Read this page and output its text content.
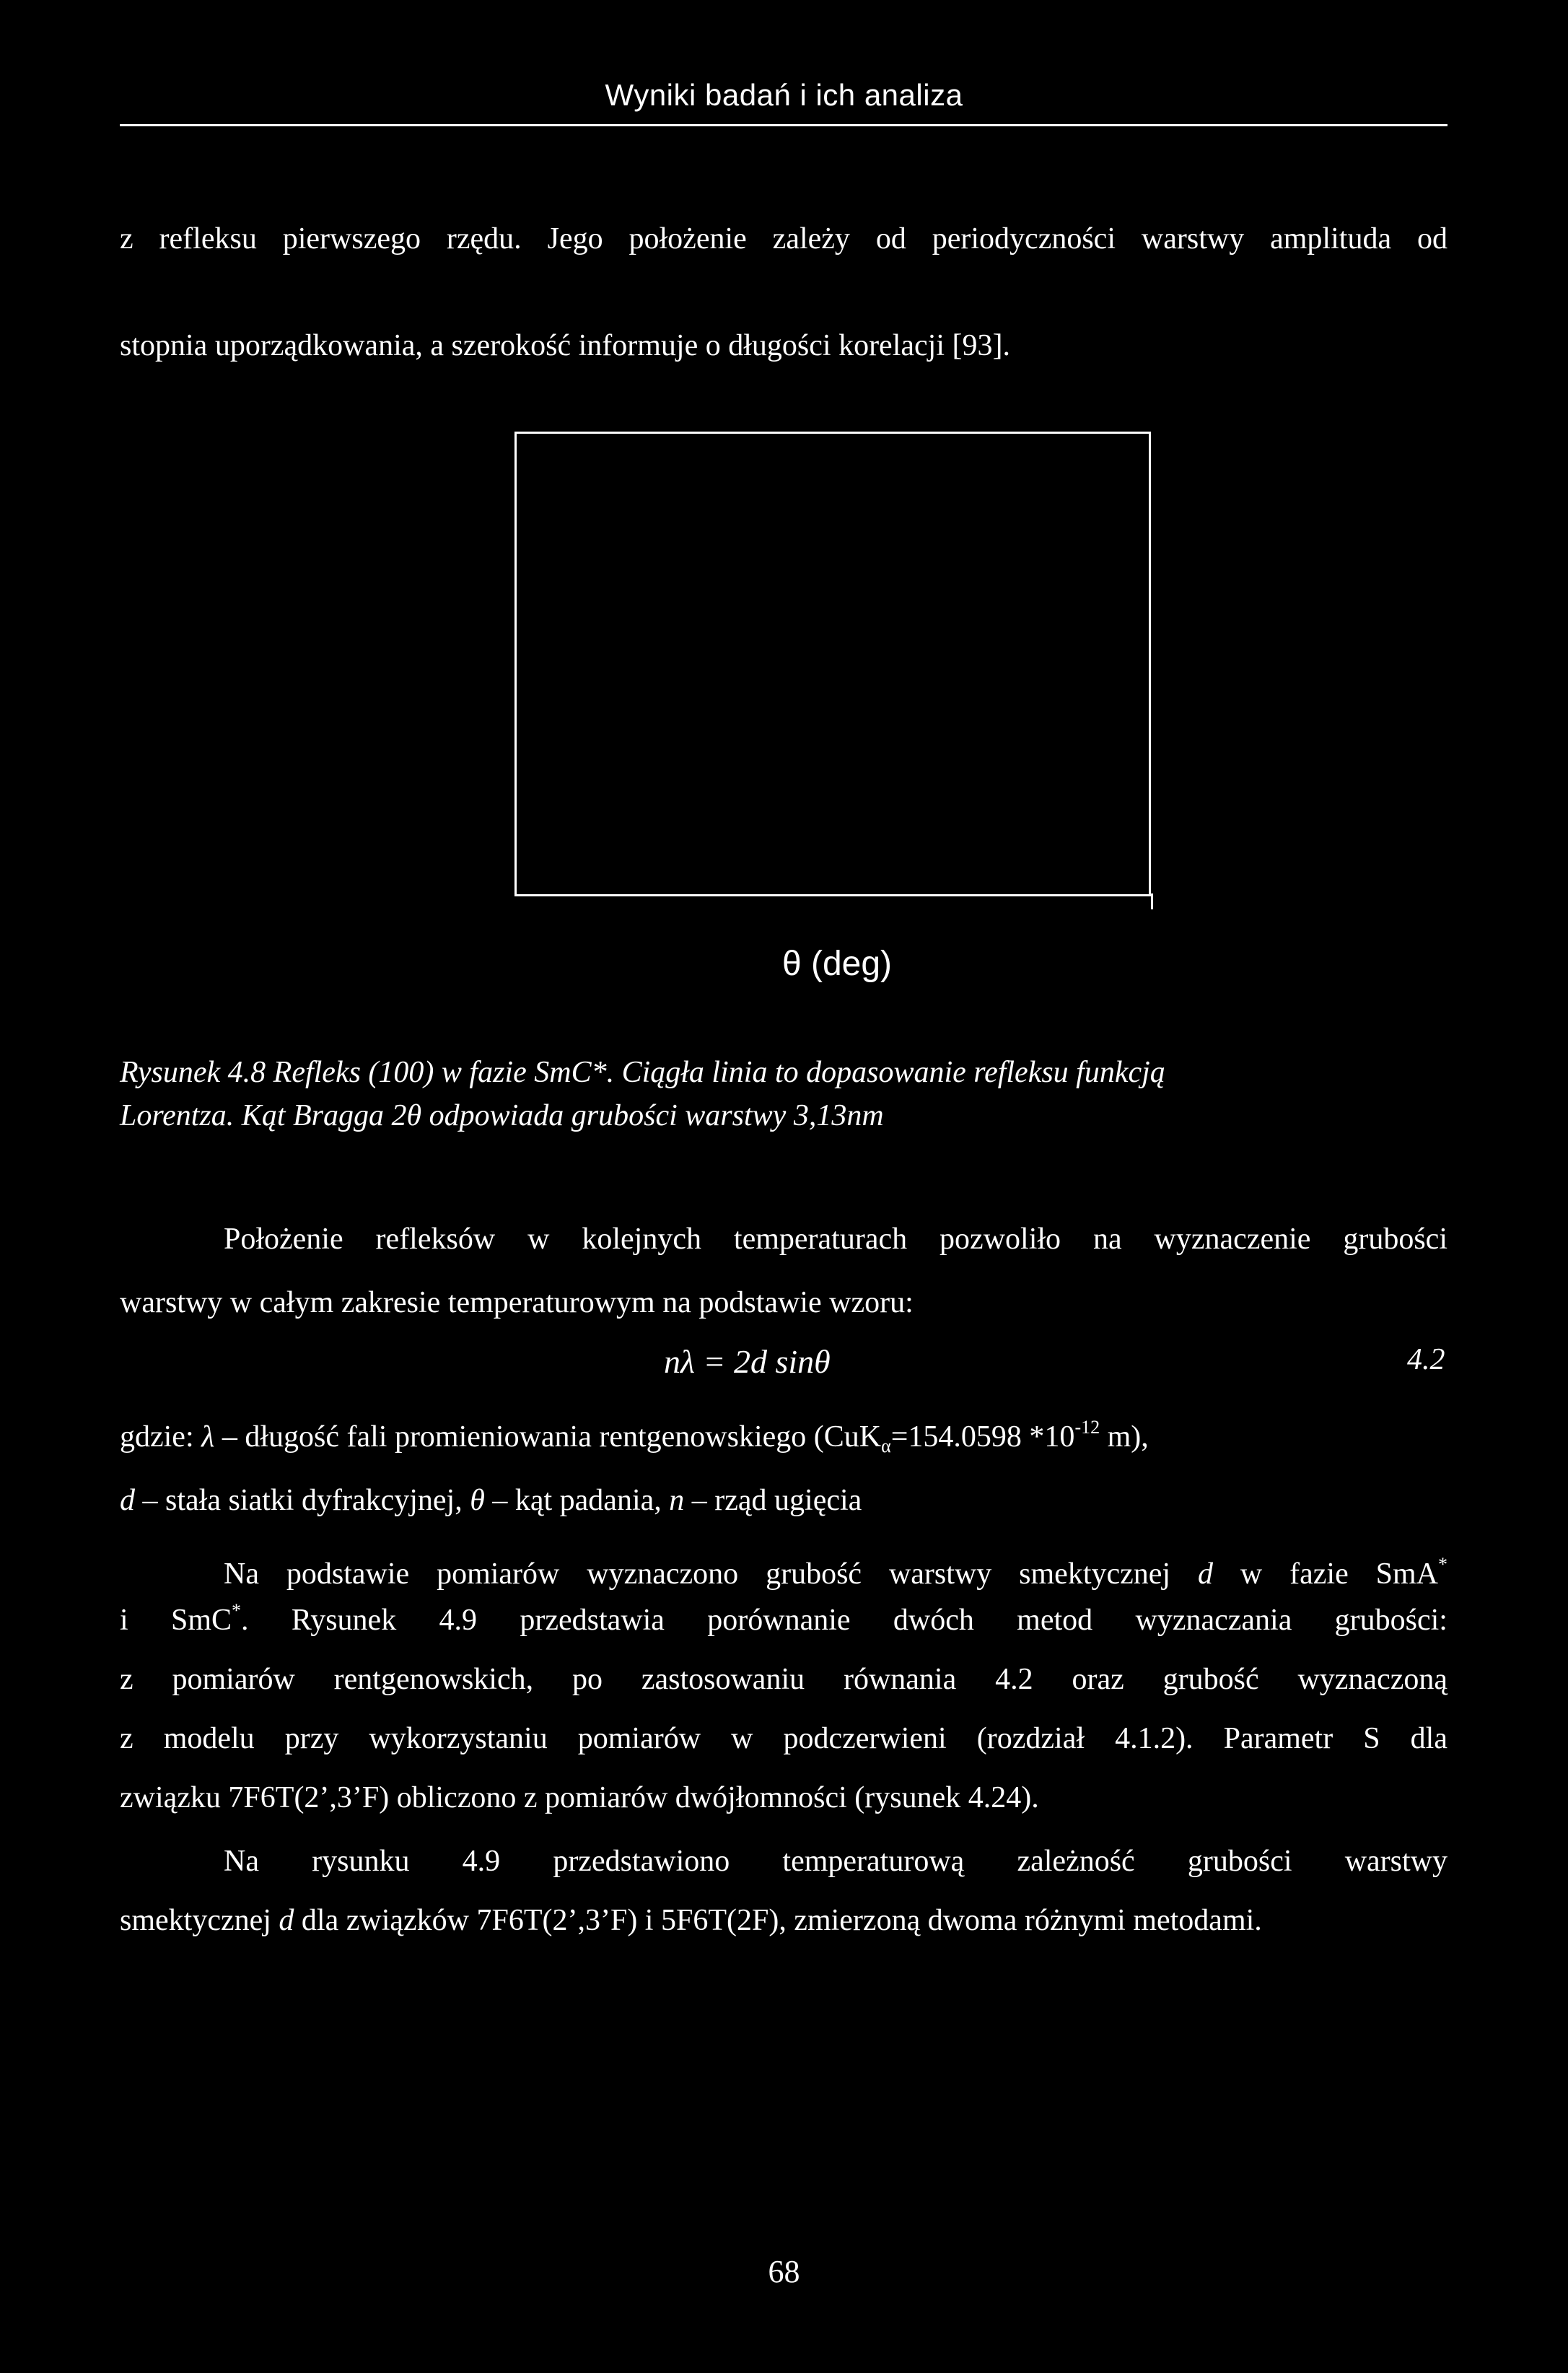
Wyniki badań i ich analiza
z refleksu pierwszego rzędu. Jego położenie zależy od periodyczności warstwy amplituda od
stopnia uporządkowania, a szerokość informuje o długości korelacji [93].
θ (deg)
Rysunek 4.8 Refleks (100) w fazie SmC*. Ciągła linia to dopasowanie refleksu funkcją
Lorentza. Kąt Bragga 2θ odpowiada grubości warstwy 3,13nm
Położenie refleksów w kolejnych temperaturach pozwoliło na wyznaczenie grubości
warstwy w całym zakresie temperaturowym na podstawie wzoru:
nλ = 2d sinθ	4.2
gdzie: λ – długość fali promieniowania rentgenowskiego (CuK$_\alpha$=154.0598 $*10^{-12}$ m),
d – stała siatki dyfrakcyjnej, θ – kąt padania, n – rząd ugięcia
Na podstawie pomiarów wyznaczono grubość warstwy smektycznej d w fazie SmA*
i SmC*. Rysunek 4.9 przedstawia porównanie dwóch metod wyznaczania grubości:
z pomiarów rentgenowskich, po zastosowaniu równania 4.2 oraz grubość wyznaczoną
z modelu przy wykorzystaniu pomiarów w podczerwieni (rozdział 4.1.2). Parametr S dla
związku 7F6T(2’,3’F) obliczono z pomiarów dwójłomności (rysunek 4.24).
Na rysunku 4.9 przedstawiono temperaturową zależność grubości warstwy
smektycznej d dla związków 7F6T(2’,3’F) i 5F6T(2F), zmierzoną dwoma różnymi metodami.
68
